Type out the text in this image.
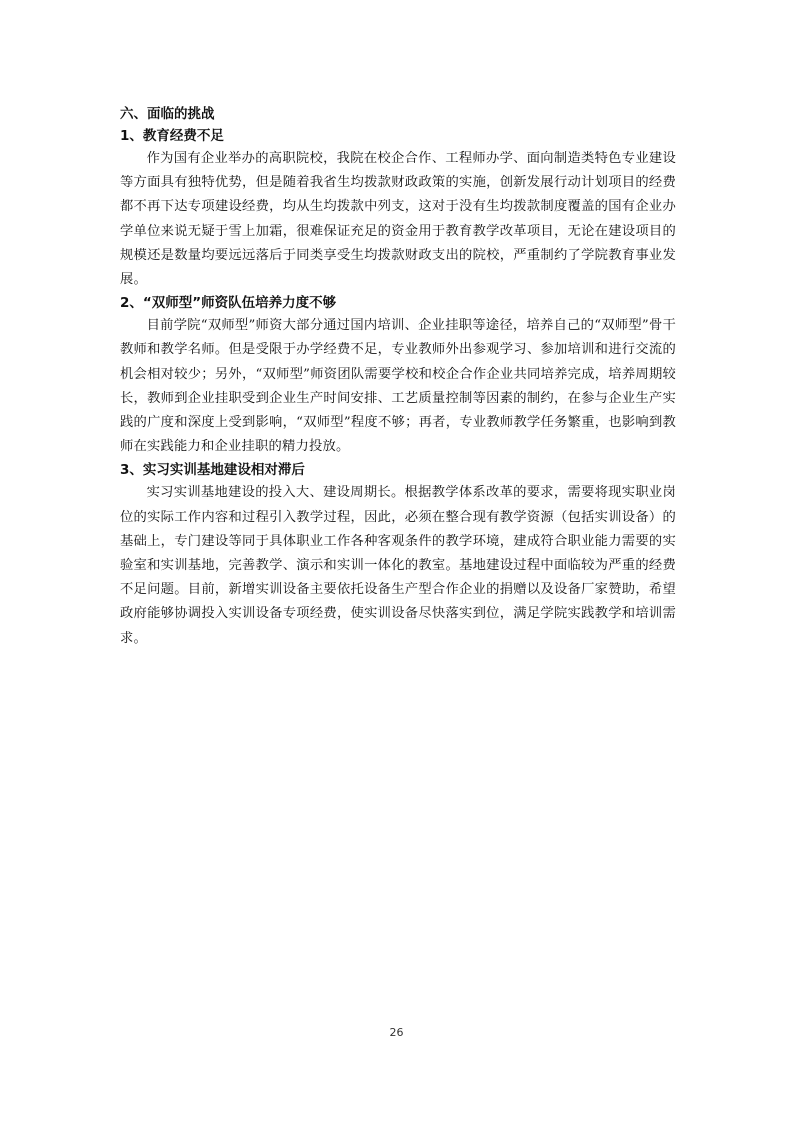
六、面临的挑战
1、教育经费不足

作为国有企业举办的高职院校，我院在校企合作、工程师办学、面向制造类特色专业建设等方面具有独特优势，但是随着我省生均拨款财政政策的实施，创新发展行动计划项目的经费都不再下达专项建设经费，均从生均拨款中列支，这对于没有生均拨款制度覆盖的国有企业办学单位来说无疑于雪上加霜，很难保证充足的资金用于教育教学改革项目，无论在建设项目的规模还是数量均要远远落后于同类享受生均拨款财政支出的院校，严重制约了学院教育事业发展。

2、“双师型”师资队伍培养力度不够

目前学院“双师型”师资大部分通过国内培训、企业挂职等途径，培养自己的“双师型”骨干教师和教学名师。但是受限于办学经费不足，专业教师外出参观学习、参加培训和进行交流的机会相对较少；另外，“双师型”师资团队需要学校和校企合作企业共同培养完成，培养周期较长，教师到企业挂职受到企业生产时间安排、工艺质量控制等因素的制约，在参与企业生产实践的广度和深度上受到影响，“双师型”程度不够；再者，专业教师教学任务繁重，也影响到教师在实践能力和企业挂职的精力投放。

3、实习实训基地建设相对滞后

实习实训基地建设的投入大、建设周期长。根据教学体系改革的要求，需要将现实职业岗位的实际工作内容和过程引入教学过程，因此，必须在整合现有教学资源（包括实训设备）的基础上，专门建设等同于具体职业工作各种客观条件的教学环境，建成符合职业能力需要的实验室和实训基地，完善教学、演示和实训一体化的教室。基地建设过程中面临较为严重的经费不足问题。目前，新增实训设备主要依托设备生产型合作企业的捐赠以及设备厂家赞助，希望政府能够协调投入实训设备专项经费，使实训设备尽快落实到位，满足学院实践教学和培训需求。

26
